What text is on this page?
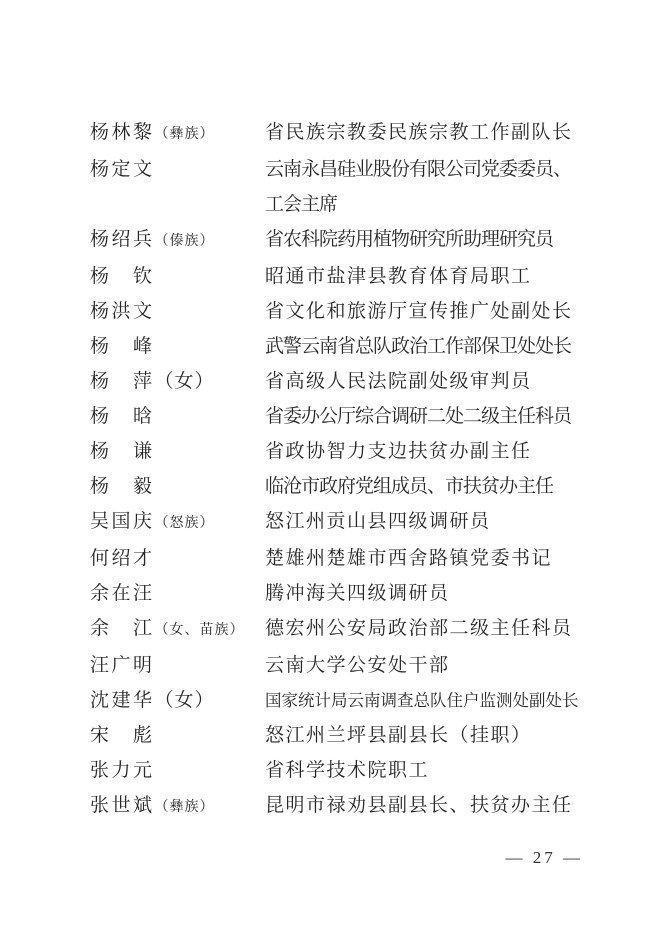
杨林黎（彝族）	省民族宗教委民族宗教工作副队长
杨定文	云南永昌硅业股份有限公司党委委员、工会主席
杨绍兵（傣族）	省农科院药用植物研究所助理研究员
杨　钦	昭通市盐津县教育体育局职工
杨洪文	省文化和旅游厅宣传推广处副处长
杨　峰	武警云南省总队政治工作部保卫处处长
杨　萍（女）	省高级人民法院副处级审判员
杨　晗	省委办公厅综合调研二处二级主任科员
杨　谦	省政协智力支边扶贫办副主任
杨　毅	临沧市政府党组成员、市扶贫办主任
吴国庆（怒族）	怒江州贡山县四级调研员
何绍才	楚雄州楚雄市西舍路镇党委书记
余在汪	腾冲海关四级调研员
余　江（女、苗族）	德宏州公安局政治部二级主任科员
汪广明	云南大学公安处干部
沈建华（女）	国家统计局云南调查总队住户监测处副处长
宋　彪	怒江州兰坪县副县长（挂职）
张力元	省科学技术院职工
张世斌（彝族）	昆明市禄劝县副县长、扶贫办主任
— 27 —
